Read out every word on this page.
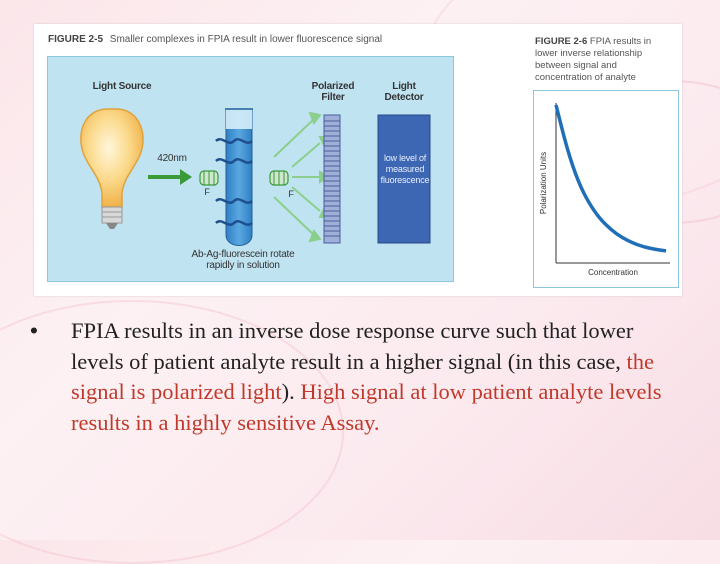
FIGURE 2-5 Smaller complexes in FPIA result in lower fluorescence signal	FIGURE 2-6 FPIA results in lower inverse relationship between signal and concentration of analyte
Light Source	Polarized Filter
Light Detector
420nm
F	F
low level of measured fluorescence
Ab-Ag-fluorescein rotate rapidly in solution
Polarization Units
Concentration
•	FPIA results in an inverse dose response curve such that lower levels of patient analyte result in a higher signal (in this case, the signal is polarized light). High signal at low patient analyte levels results in a highly sensitive Assay.
